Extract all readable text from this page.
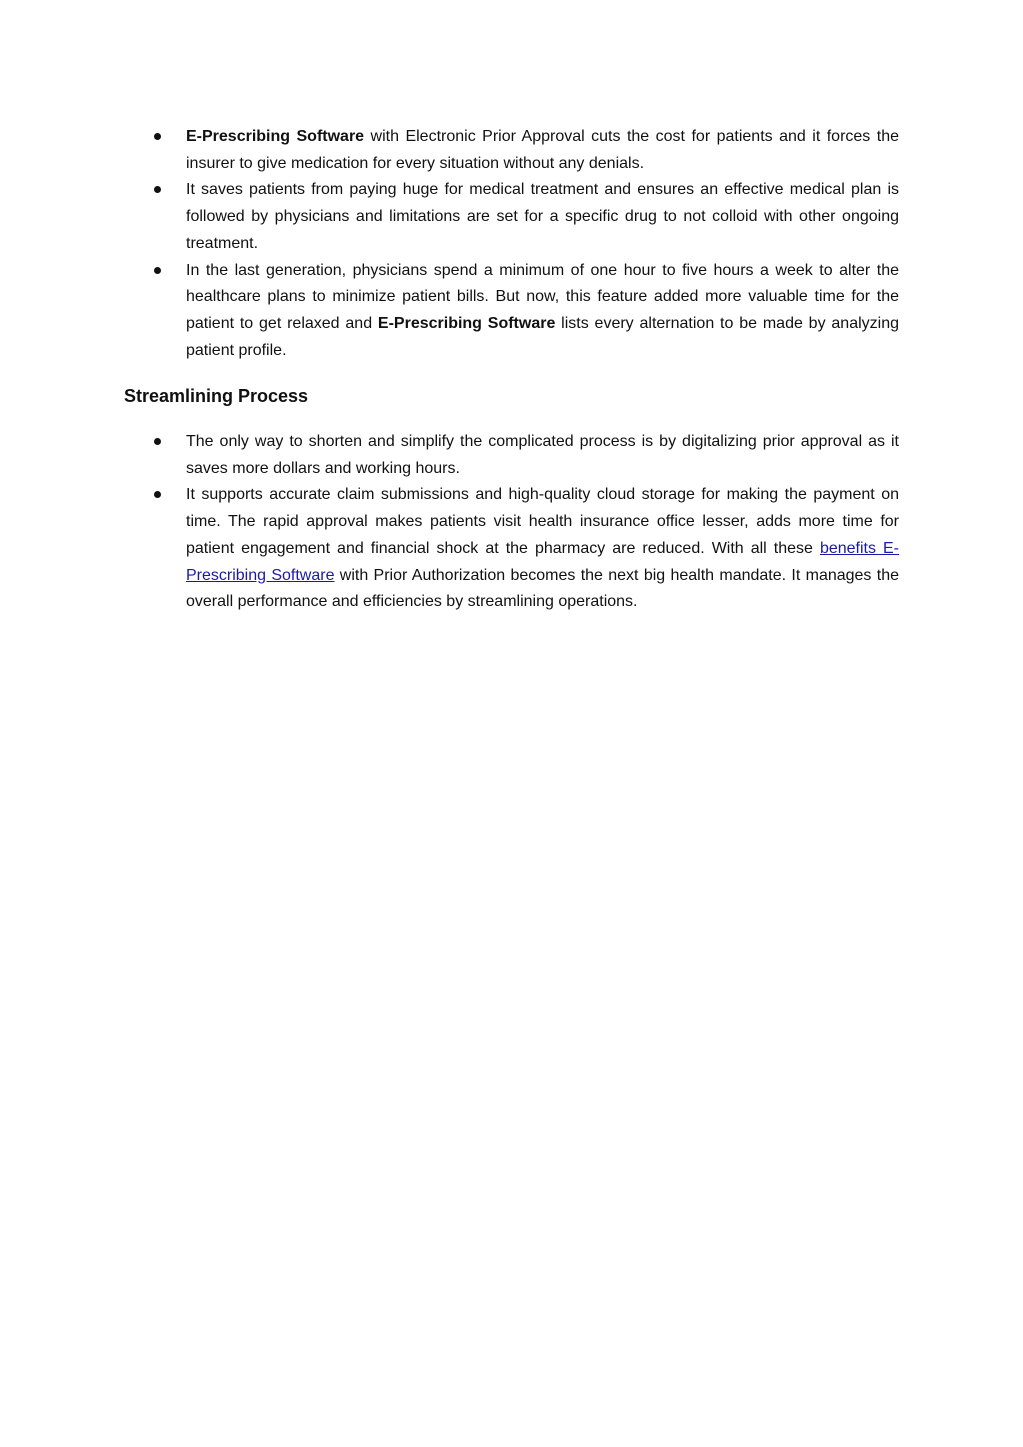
E-Prescribing Software with Electronic Prior Approval cuts the cost for patients and it forces the insurer to give medication for every situation without any denials.
It saves patients from paying huge for medical treatment and ensures an effective medical plan is followed by physicians and limitations are set for a specific drug to not colloid with other ongoing treatment.
In the last generation, physicians spend a minimum of one hour to five hours a week to alter the healthcare plans to minimize patient bills. But now, this feature added more valuable time for the patient to get relaxed and E-Prescribing Software lists every alternation to be made by analyzing patient profile.
Streamlining Process
The only way to shorten and simplify the complicated process is by digitalizing prior approval as it saves more dollars and working hours.
It supports accurate claim submissions and high-quality cloud storage for making the payment on time. The rapid approval makes patients visit health insurance office lesser, adds more time for patient engagement and financial shock at the pharmacy are reduced. With all these benefits E-Prescribing Software with Prior Authorization becomes the next big health mandate. It manages the overall performance and efficiencies by streamlining operations.
